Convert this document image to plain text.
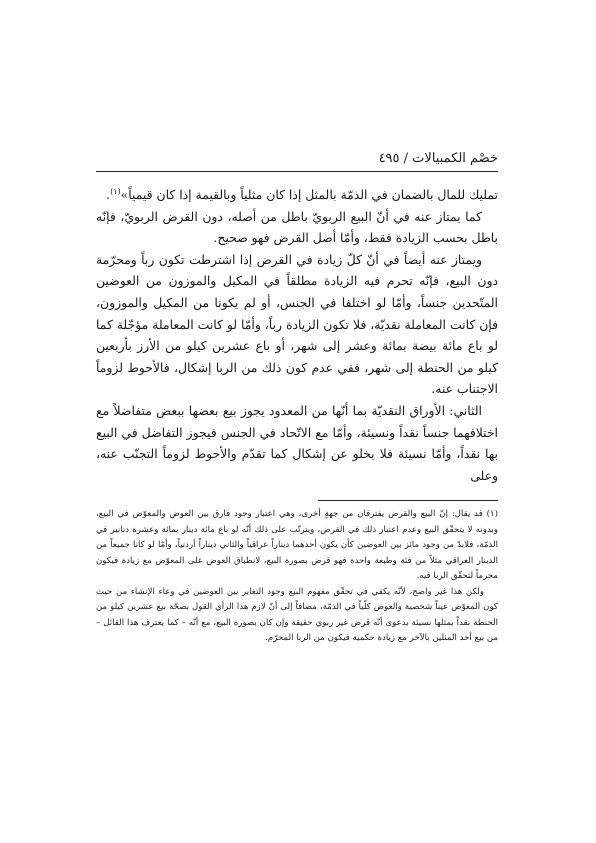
خصْم الكمبيالات / ٤٩٥

تمليك للمال بالضمان في الذمّة بالمثل إذا كان مثلياً وبالقيمة إذا كان قيمياً»$^{(١)}$.

كما يمتاز عنه في أنّ البيع الربويّ باطل من أصله، دون القرض الربويّ، فإنّه باطل بحسب الزيادة فقط، وأمّا أصل القرض فهو صحيح.

ويمتاز عنه أيضاً في أنّ كلّ زيادة في القرض إذا اشترطت تكون رباً ومحرّمة دون البيع، فإنّه تحرم فيه الزيادة مطلقاً في المكيل والموزون من العوضين المتّحدين جنساً، وأمّا لو اختلفا في الجنس، أو لم يكونا من المكيل والموزون، فإن كانت المعاملة نقديّة، فلا تكون الزيادة رباً، وأمّا لو كانت المعاملة مؤجّلة كما لو باع مائة بيضة بمائة وعشر إلى شهر، أو باع عشرين كيلو من الأرز بأربعين كيلو من الحنطة إلى شهر، ففي عدم كون ذلك من الربا إشكال، فالأحوط لزوماً الاجتناب عنه.

الثاني: الأوراق النقديّة بما أنّها من المعدود يجوز بيع بعضها ببعض متفاضلاً مع اختلافهما جنساً نقداً ونسيئة، وأمّا مع الاتّحاد في الجنس فيجوز التفاضل في البيع بها نقداً، وأمّا نسيئة فلا يخلو عن إشكال كما تقدّم والأحوط لزوماً التجنّب عنه، وعلى

(١) قد يقال: إنّ البيع والقرض يفترقان من جهةٍ أخرى، وهي اعتبار وجود فارق بين العوض والمعوّض في البيع، وبدونه لا يتحقّق البيع وعدم اعتبار ذلك في القرض، ويترتّب على ذلك أنّه لو باع مائة دينار بمائة وعشرة دنانير في الذمّة، فلابدّ من وجود مائز بين العوضين كأن يكون أحدهما ديناراً عراقياً والثاني ديناراً أردنياً، وأمّا لو كانا جميعاً من الدينار العراقي مثلاً من فئة وطبعة واحدة فهو قرض بصورة البيع، لانطباق العوض على المعوّض مع زيادة فيكون محرماً لتحقّق الربا فيه.

ولكن هذا غير واضح، لأنّه يكفي في تحقّق مفهوم البيع وجود التغاير بين العوضين في وعاء الإنشاء من حيث كون المعوّض عيناً شخصية والعوض كلّياً في الذمّة، مضافاً إلى أنّ لازم هذا الرأي القول بصحّة بيع عشرين كيلو من الحنطة نقداً بمثلها نسيئة بدعوى أنّه قرض غير ربوي حقيقة وإن كان بصورة البيع، مع أنّه – كما يعترف هذا القائل – من بيع أحد المثلين بالآخر مع زيادة حكمية فيكون من الربا المحرّم.
